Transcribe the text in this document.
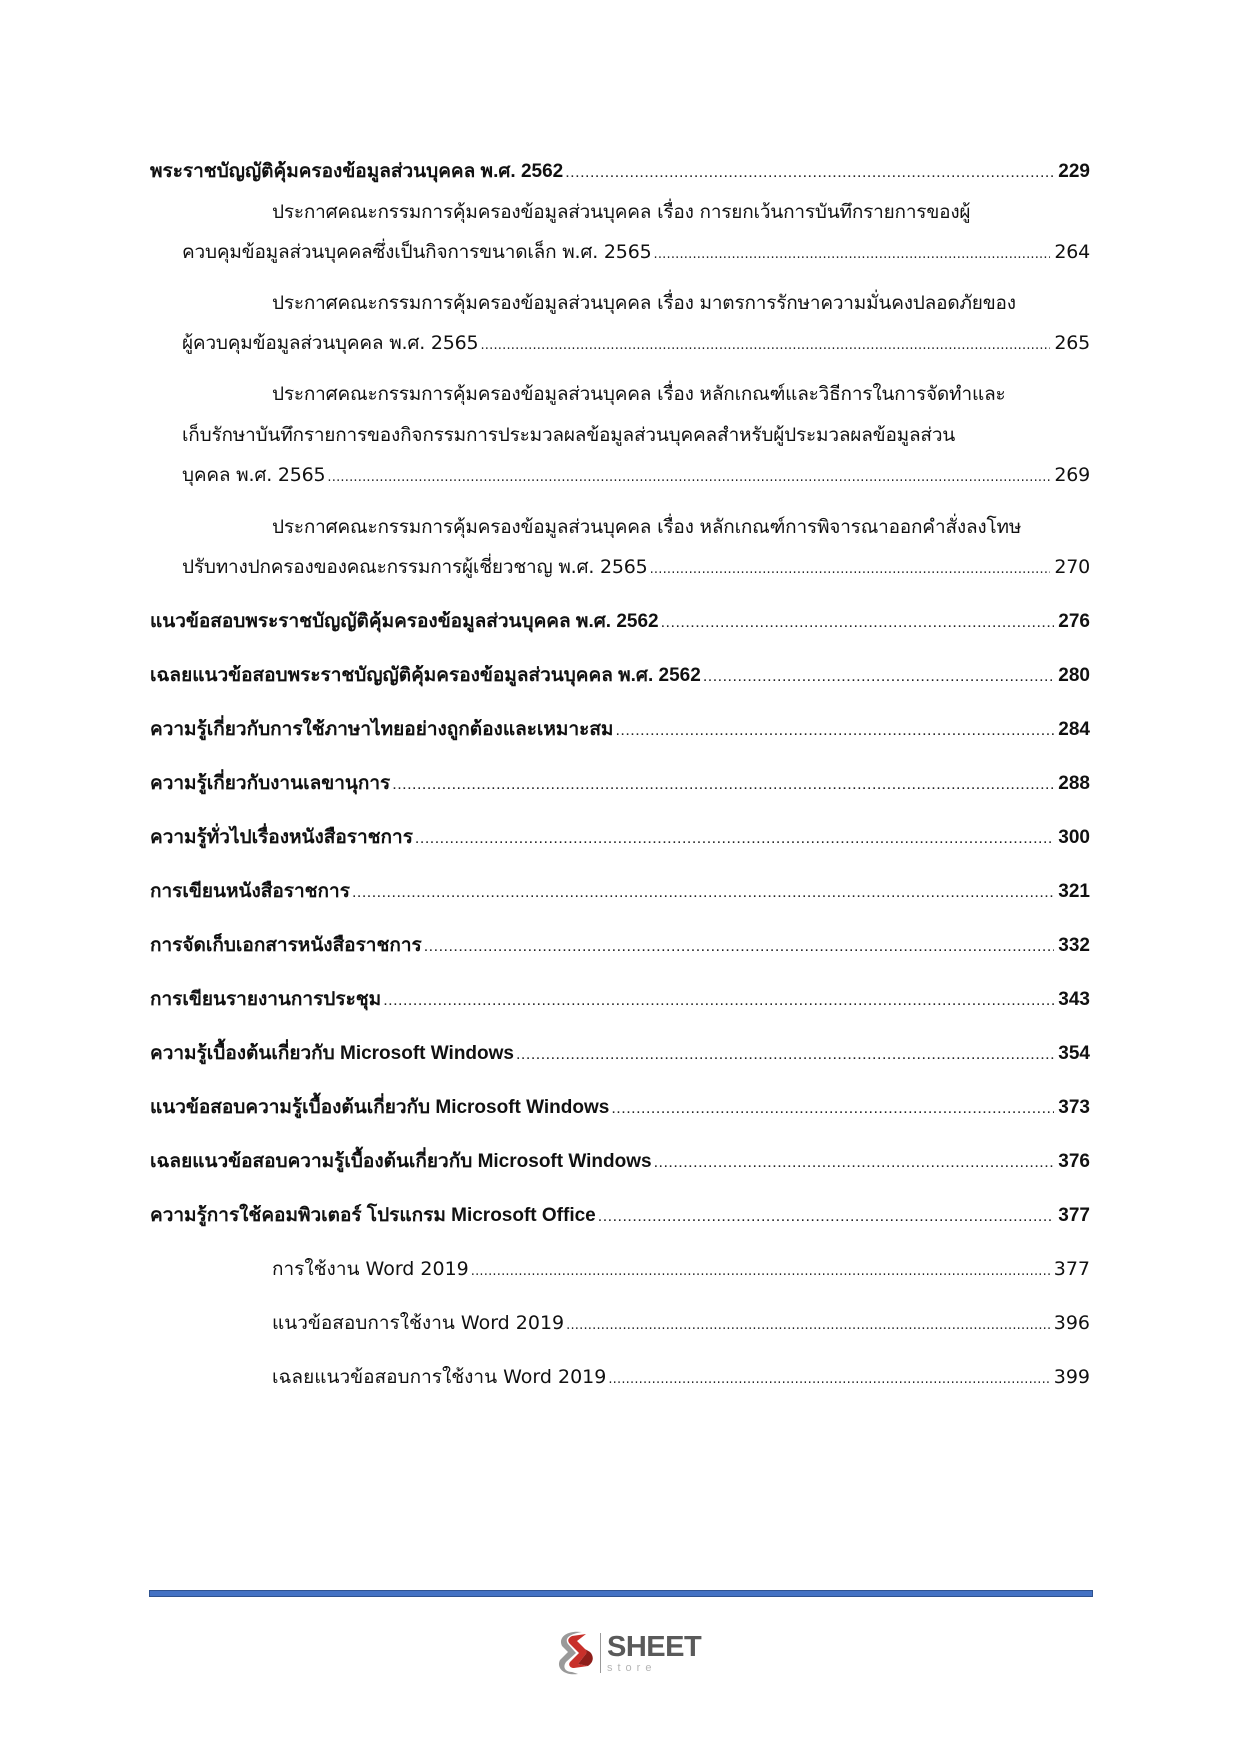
พระราชบัญญัติคุ้มครองข้อมูลส่วนบุคคล พ.ศ. 2562 .....	229
ประกาศคณะกรรมการคุ้มครองข้อมูลส่วนบุคคล เรื่อง การยกเว้นการบันทึกรายการของผู้
ควบคุมข้อมูลส่วนบุคคลซึ่งเป็นกิจการขนาดเล็ก พ.ศ. 2565 .....	264
ประกาศคณะกรรมการคุ้มครองข้อมูลส่วนบุคคล เรื่อง มาตรการรักษาความมั่นคงปลอดภัยของ
ผู้ควบคุมข้อมูลส่วนบุคคล พ.ศ. 2565 .....	265
ประกาศคณะกรรมการคุ้มครองข้อมูลส่วนบุคคล เรื่อง หลักเกณฑ์และวิธีการในการจัดทำและ
เก็บรักษาบันทึกรายการของกิจกรรมการประมวลผลข้อมูลส่วนบุคคลสำหรับผู้ประมวลผลข้อมูลส่วน
บุคคล พ.ศ. 2565 .....	269
ประกาศคณะกรรมการคุ้มครองข้อมูลส่วนบุคคล เรื่อง หลักเกณฑ์การพิจารณาออกคำสั่งลงโทษ
ปรับทางปกครองของคณะกรรมการผู้เชี่ยวชาญ พ.ศ. 2565 .....	270
แนวข้อสอบพระราชบัญญัติคุ้มครองข้อมูลส่วนบุคคล พ.ศ. 2562 .....	276
เฉลยแนวข้อสอบพระราชบัญญัติคุ้มครองข้อมูลส่วนบุคคล พ.ศ. 2562 .....	280
ความรู้เกี่ยวกับการใช้ภาษาไทยอย่างถูกต้องและเหมาะสม .....	284
ความรู้เกี่ยวกับงานเลขานุการ .....	288
ความรู้ทั่วไปเรื่องหนังสือราชการ .....	300
การเขียนหนังสือราชการ .....	321
การจัดเก็บเอกสารหนังสือราชการ .....	332
การเขียนรายงานการประชุม .....	343
ความรู้เบื้องต้นเกี่ยวกับ Microsoft Windows .....	354
แนวข้อสอบความรู้เบื้องต้นเกี่ยวกับ Microsoft Windows .....	373
เฉลยแนวข้อสอบความรู้เบื้องต้นเกี่ยวกับ Microsoft Windows .....	376
ความรู้การใช้คอมพิวเตอร์ โปรแกรม Microsoft Office .....	377
การใช้งาน Word 2019 .....	377
แนวข้อสอบการใช้งาน Word 2019 .....	396
เฉลยแนวข้อสอบการใช้งาน Word 2019 .....	399
SHEET
store
